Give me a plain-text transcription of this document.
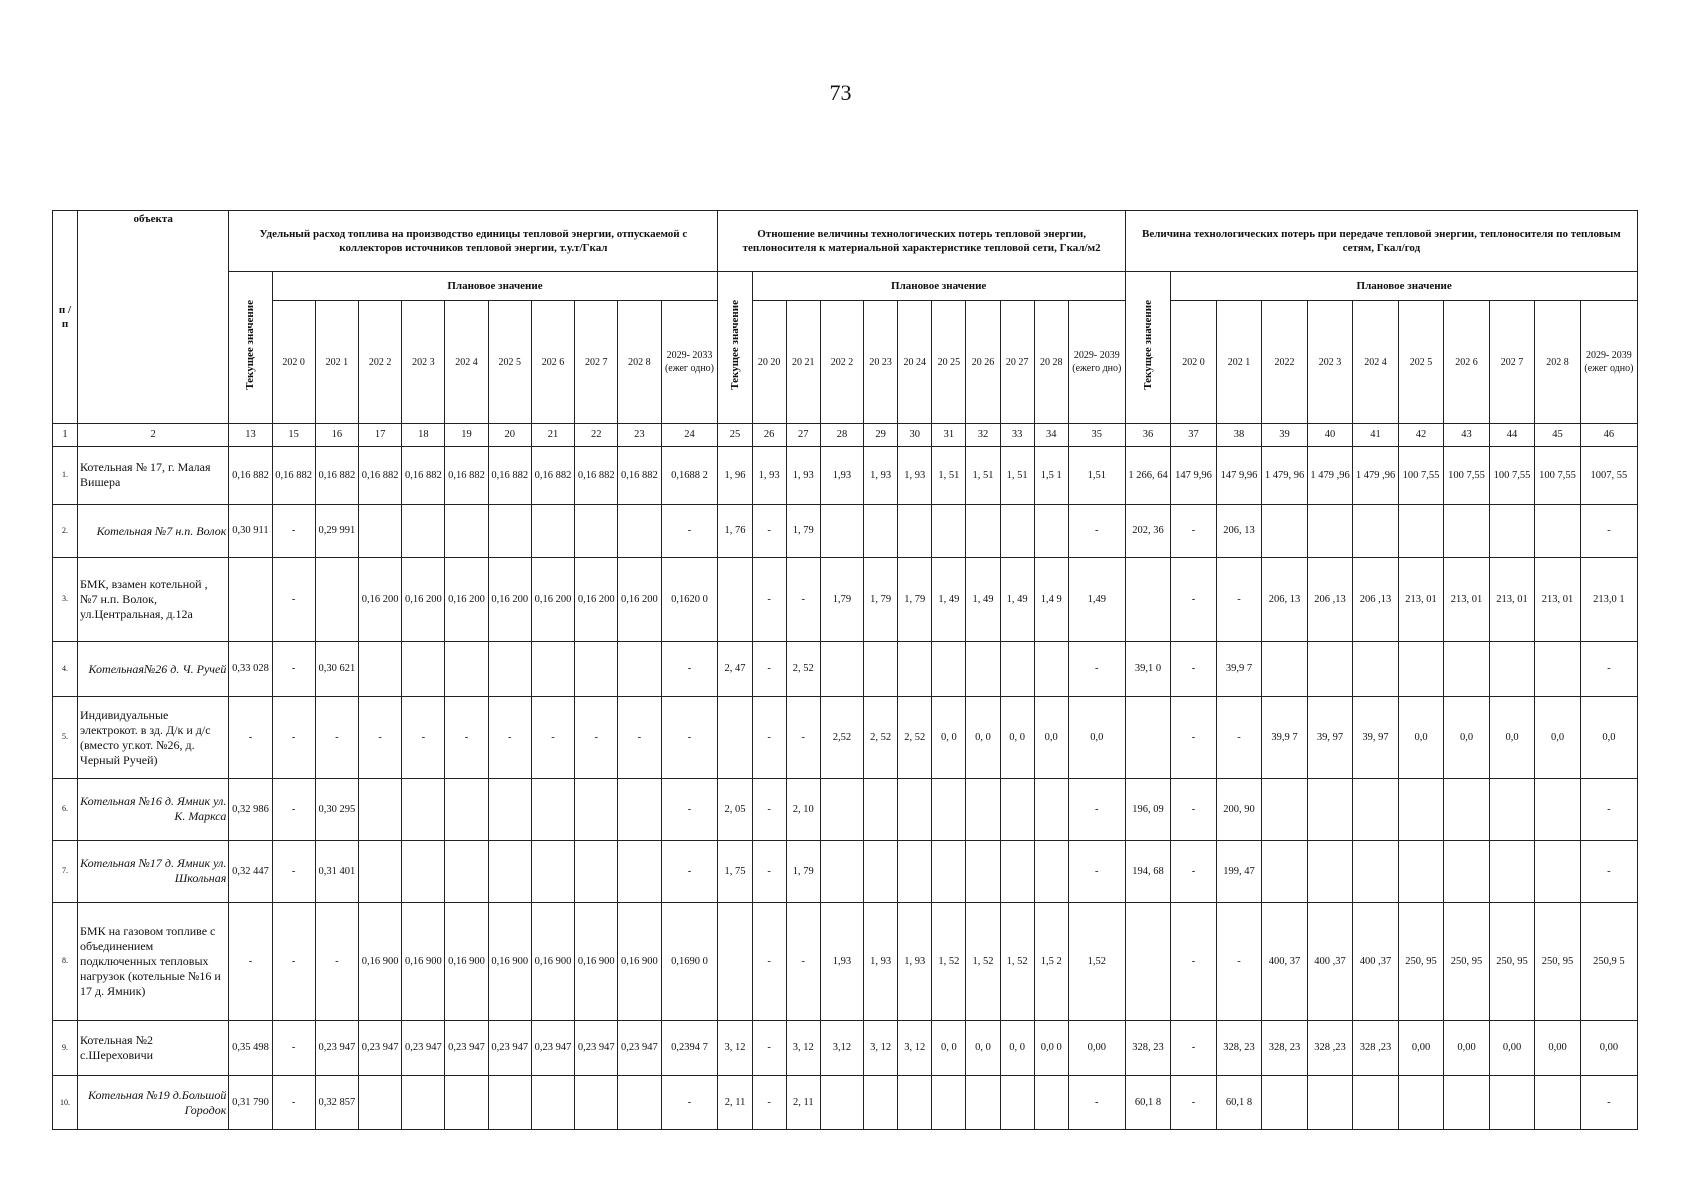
73
п / п	объекта	Удельный расход топлива на производство единицы тепловой энергии, отпускаемой с коллекторов источников тепловой энергии, т.у.т/Гкал											Отношение величины технологических потерь тепловой энергии, теплоносителя к материальной характеристике тепловой сети, Гкал/м2											Величина технологических потерь при передаче тепловой энергии, теплоносителя по тепловым сетям, Гкал/год										
		Текущее значение	Плановое значение										Текущее значение	Плановое значение										Текущее значение	Плановое значение									
			202 0	202 1	202 2	202 3	202 4	202 5	202 6	202 7	202 8	2029- 2033 (ежег одно)		20 20	20 21	202 2	20 23	20 24	20 25	20 26	20 27	20 28	2029- 2039 (ежего дно)		202 0	202 1	2022	202 3	202 4	202 5	202 6	202 7	202 8	2029- 2039 (ежег одно)
1	2	13	15	16	17	18	19	20	21	22	23	24	25	26	27	28	29	30	31	32	33	34	35	36	37	38	39	40	41	42	43	44	45	46
1.	Котельная № 17, г. Малая Вишера	0,16 882	0,16 882	0,16 882	0,16 882	0,16 882	0,16 882	0,16 882	0,16 882	0,16 882	0,16 882	0,1688 2	1, 96	1, 93	1, 93	1,93	1, 93	1, 93	1, 51	1, 51	1, 51	1,5 1	1,51	1 266, 64	147 9,96	147 9,96	1 479, 96	1 479 ,96	1 479 ,96	100 7,55	100 7,55	100 7,55	100 7,55	1007, 55
2.	Котельная №7 н.п. Волок	0,30 911	-	0,29 991								-	1, 76	-	1, 79								-	202, 36	-	206, 13								-
3.	БМК, взамен котельной , №7 н.п. Волок, ул.Центральная, д.12а		-		0,16 200	0,16 200	0,16 200	0,16 200	0,16 200	0,16 200	0,16 200	0,1620 0		-	-	1,79	1, 79	1, 79	1, 49	1, 49	1, 49	1,4 9	1,49		-	-	206, 13	206 ,13	206 ,13	213, 01	213, 01	213, 01	213, 01	213,0 1
4.	Котельная№26 д. Ч. Ручей	0,33 028	-	0,30 621								-	2, 47	-	2, 52								-	39,1 0	-	39,9 7								-
5.	Индивидуальные электрокот. в зд. Д/к и д/с (вместо уг.кот. №26, д. Черный Ручей)	-	-	-	-	-	-	-	-	-	-	-		-	-	2,52	2, 52	2, 52	0, 0	0, 0	0, 0	0,0	0,0		-	-	39,9 7	39, 97	39, 97	0,0	0,0	0,0	0,0	0,0
6.	Котельная №16 д. Ямник ул. К. Маркса	0,32 986	-	0,30 295								-	2, 05	-	2, 10								-	196, 09	-	200, 90								-
7.	Котельная №17 д. Ямник ул. Школьная	0,32 447	-	0,31 401								-	1, 75	-	1, 79								-	194, 68	-	199, 47								-
8.	БМК на газовом топливе с объединением подключенных тепловых нагрузок (котельные №16 и 17 д. Ямник)	-	-	-	0,16 900	0,16 900	0,16 900	0,16 900	0,16 900	0,16 900	0,16 900	0,1690 0		-	-	1,93	1, 93	1, 93	1, 52	1, 52	1, 52	1,5 2	1,52		-	-	400, 37	400 ,37	400 ,37	250, 95	250, 95	250, 95	250, 95	250,9 5
9.	Котельная №2 с.Шереховичи	0,35 498	-	0,23 947	0,23 947	0,23 947	0,23 947	0,23 947	0,23 947	0,23 947	0,23 947	0,2394 7	3, 12	-	3, 12	3,12	3, 12	3, 12	0, 0	0, 0	0, 0	0,0 0	0,00	328, 23	-	328, 23	328, 23	328 ,23	328 ,23	0,00	0,00	0,00	0,00	0,00
10.	Котельная №19 д.Большой Городок	0,31 790	-	0,32 857								-	2, 11	-	2, 11								-	60,1 8	-	60,1 8								-
